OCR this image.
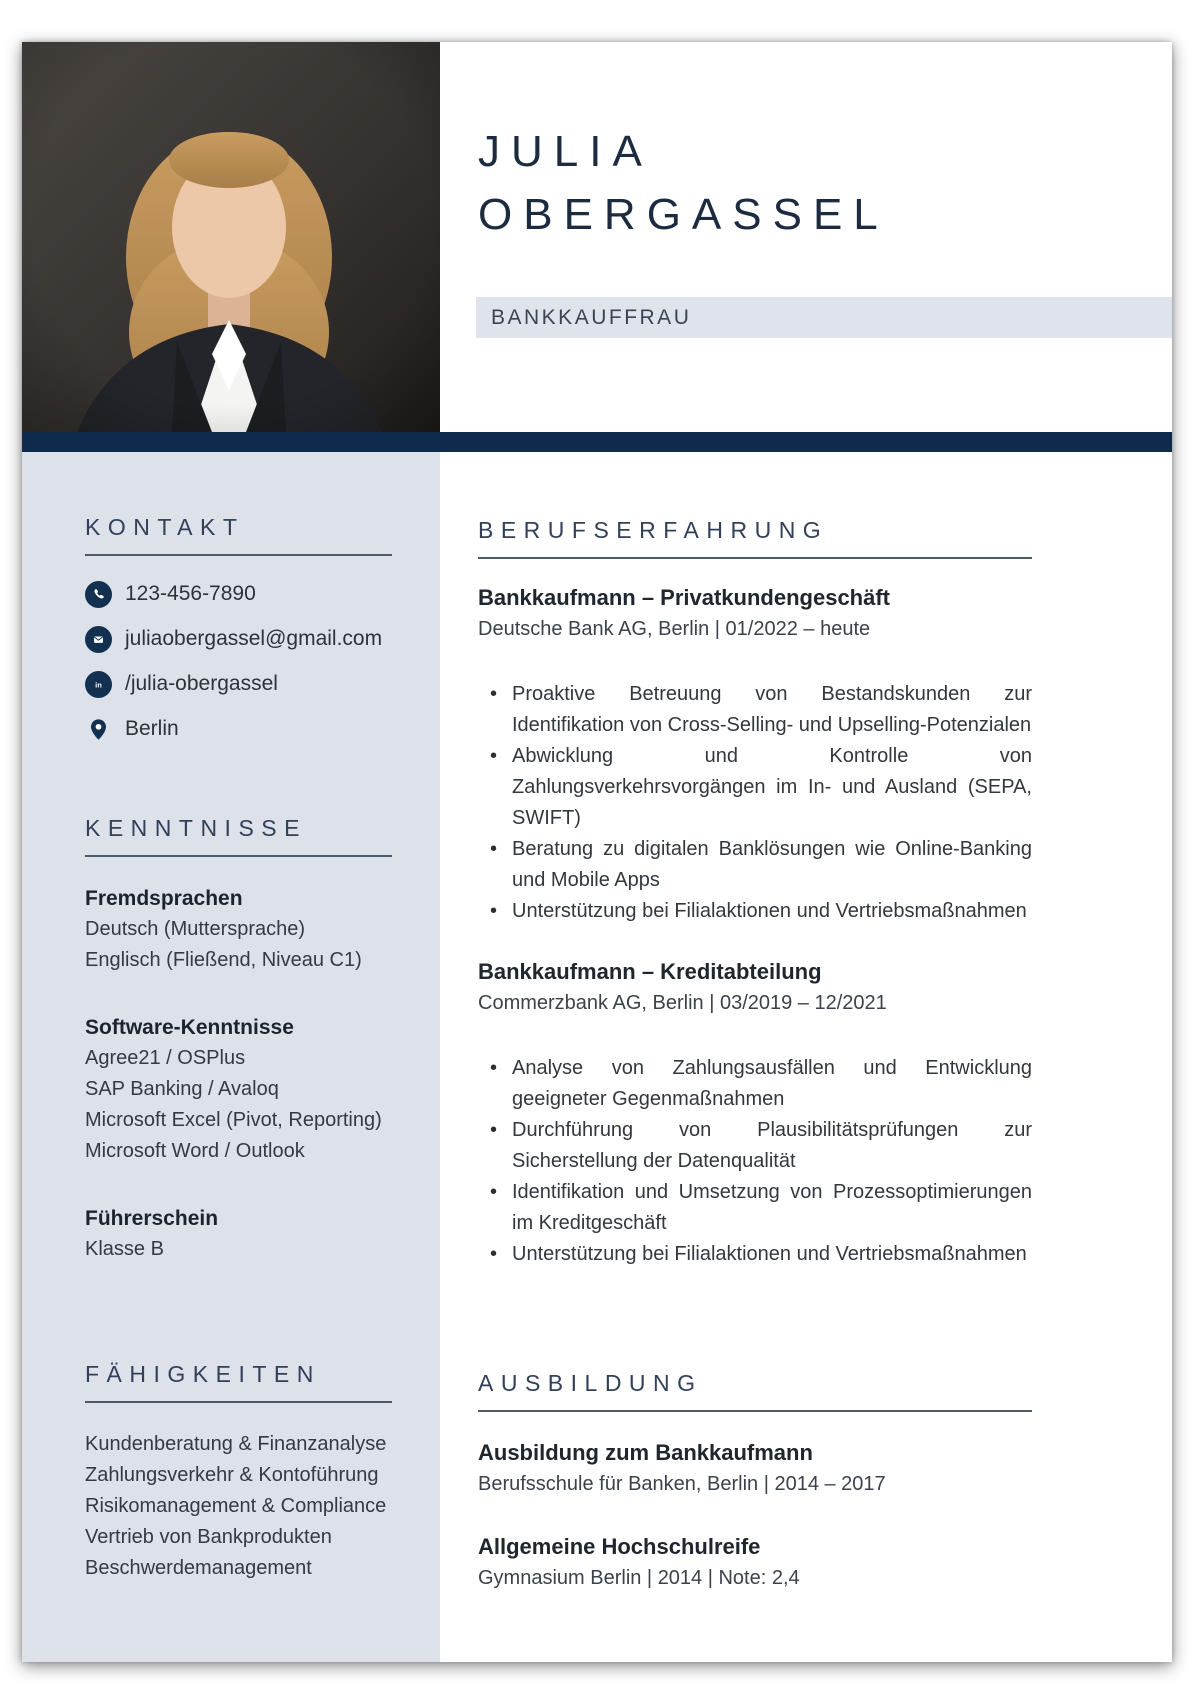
JULIA
OBERGASSEL
BANKKAUFFRAU
KONTAKT
123-456-7890
juliaobergassel@gmail.com
in /julia-obergassel
Berlin
KENNTNISSE
Fremdsprachen
Deutsch (Muttersprache)
Englisch (Fließend, Niveau C1)
Software-Kenntnisse
Agree21 / OSPlus
SAP Banking / Avaloq
Microsoft Excel (Pivot, Reporting)
Microsoft Word / Outlook
Führerschein
Klasse B
FÄHIGKEITEN
Kundenberatung & Finanzanalyse
Zahlungsverkehr & Kontoführung
Risikomanagement & Compliance
Vertrieb von Bankprodukten
Beschwerdemanagement
BERUFSERFAHRUNG
Bankkaufmann – Privatkundengeschäft
Deutsche Bank AG, Berlin | 01/2022 – heute
• Proaktive Betreuung von Bestandskunden zur Identifikation von Cross-Selling- und Upselling-Potenzialen
• Abwicklung und Kontrolle von Zahlungsverkehrsvorgängen im In- und Ausland (SEPA, SWIFT)
• Beratung zu digitalen Banklösungen wie Online-Banking und Mobile Apps
• Unterstützung bei Filialaktionen und Vertriebsmaßnahmen
Bankkaufmann – Kreditabteilung
Commerzbank AG, Berlin | 03/2019 – 12/2021
• Analyse von Zahlungsausfällen und Entwicklung geeigneter Gegenmaßnahmen
• Durchführung von Plausibilitätsprüfungen zur Sicherstellung der Datenqualität
• Identifikation und Umsetzung von Prozessoptimierungen im Kreditgeschäft
• Unterstützung bei Filialaktionen und Vertriebsmaßnahmen
AUSBILDUNG
Ausbildung zum Bankkaufmann
Berufsschule für Banken, Berlin | 2014 – 2017
Allgemeine Hochschulreife
Gymnasium Berlin | 2014 | Note: 2,4
